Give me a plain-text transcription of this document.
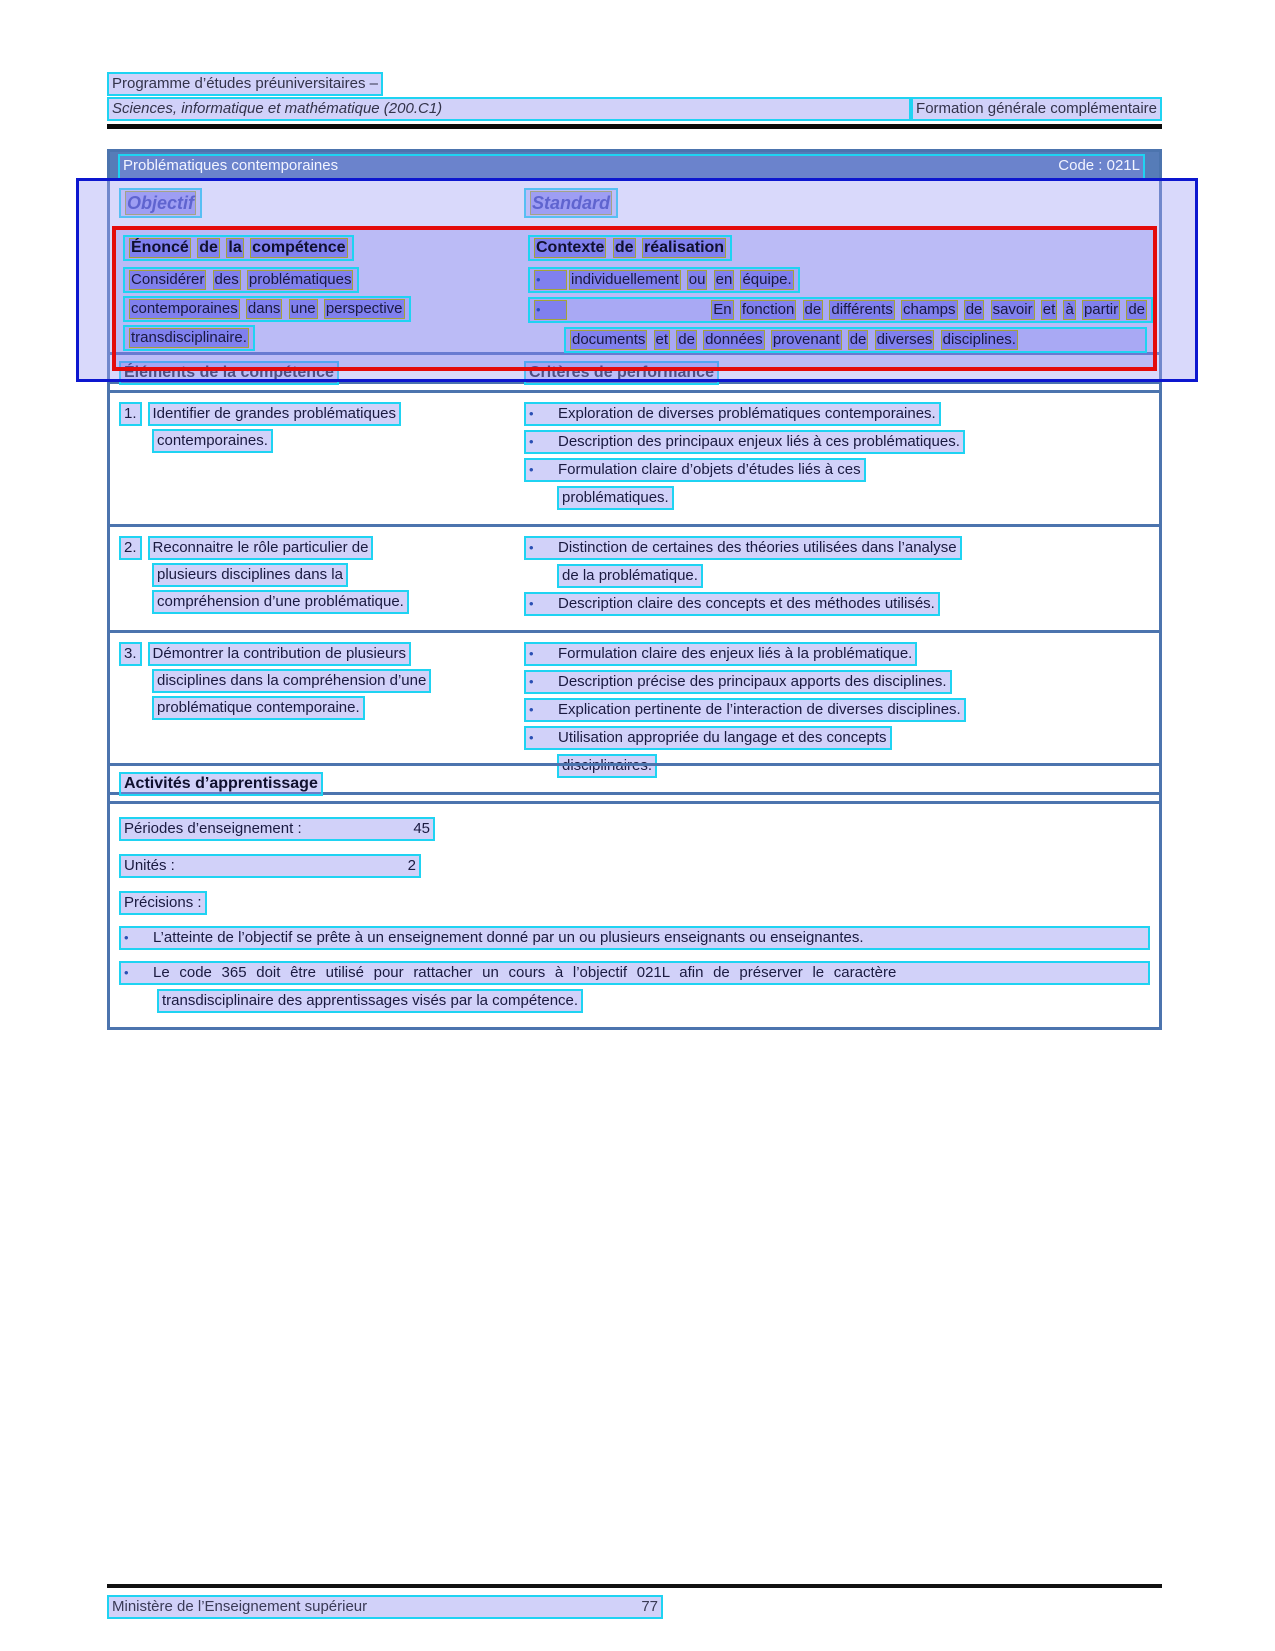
Programme d’études préuniversitaires –
Sciences, informatique et mathématique (200.C1)	Formation générale complémentaire
Problématiques contemporaines	Code : 021L
Objectif	Standard
Énoncé de la compétence	Contexte de réalisation
Considérer des problématiques
contemporaines dans une perspective
transdisciplinaire.
• individuellement ou en équipe.
•	En fonction de différents champs de savoir et à partir de
documents et de données provenant de diverses disciplines.
Éléments de la compétence	Critères de performance
1. Identifier de grandes problématiques
contemporaines.
• Exploration de diverses problématiques contemporaines.
• Description des principaux enjeux liés à ces problématiques.
• Formulation claire d’objets d’études liés à ces
problématiques.
2. Reconnaitre le rôle particulier de
plusieurs disciplines dans la
compréhension d’une problématique.
• Distinction de certaines des théories utilisées dans l’analyse
de la problématique.
• Description claire des concepts et des méthodes utilisés.
3. Démontrer la contribution de plusieurs
disciplines dans la compréhension d’une
problématique contemporaine.
• Formulation claire des enjeux liés à la problématique.
• Description précise des principaux apports des disciplines.
• Explication pertinente de l’interaction de diverses disciplines.
• Utilisation appropriée du langage et des concepts
disciplinaires.
Activités d’apprentissage
Périodes d’enseignement :	45
Unités :	2
Précisions :
•	L’atteinte de l’objectif se prête à un enseignement donné par un ou plusieurs enseignants ou enseignantes.
•	Le code 365 doit être utilisé pour rattacher un cours à l’objectif 021L afin de préserver le caractère
transdisciplinaire des apprentissages visés par la compétence.
Ministère de l’Enseignement supérieur	77
